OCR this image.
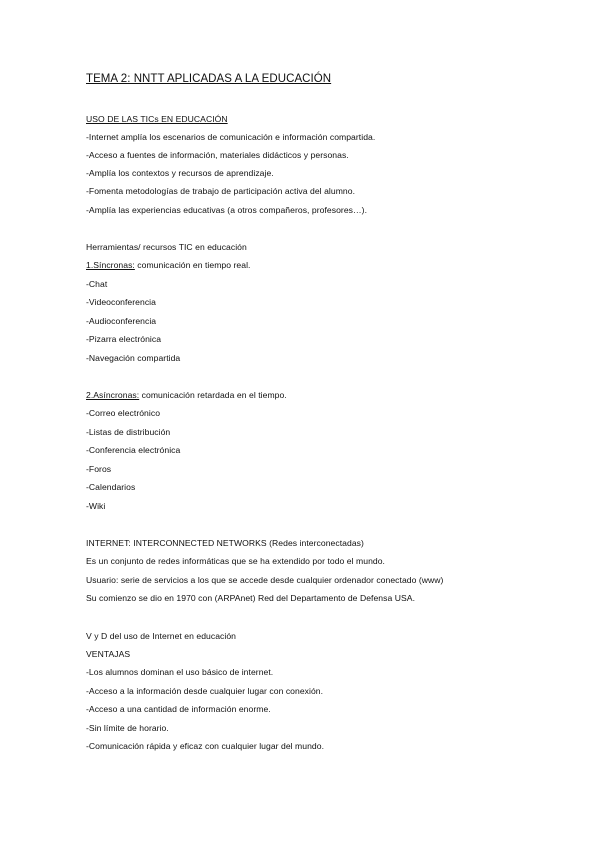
TEMA 2: NNTT APLICADAS A LA EDUCACIÓN
USO DE LAS TICs EN EDUCACIÓN
-Internet amplía los escenarios de comunicación e información compartida.
-Acceso a fuentes de información, materiales didácticos y personas.
-Amplía los contextos y recursos de aprendizaje.
-Fomenta metodologías de trabajo de participación activa del alumno.
-Amplía las experiencias educativas (a otros compañeros, profesores…).
Herramientas/ recursos TIC en educación
1.Síncronas: comunicación en tiempo real.
-Chat
-Videoconferencia
-Audioconferencia
-Pizarra electrónica
-Navegación compartida
2.Asíncronas: comunicación retardada en el tiempo.
-Correo electrónico
-Listas de distribución
-Conferencia electrónica
-Foros
-Calendarios
-Wiki
INTERNET: INTERCONNECTED NETWORKS (Redes interconectadas)
Es un conjunto de redes informáticas que se ha extendido por todo el mundo.
Usuario: serie de servicios a los que se accede desde cualquier ordenador conectado (www)
Su comienzo se dio en 1970 con (ARPAnet) Red del Departamento de Defensa USA.
V y D del uso de Internet en educación
VENTAJAS
-Los alumnos dominan el uso básico de internet.
-Acceso a la información desde cualquier lugar con conexión.
-Acceso a una cantidad de información enorme.
-Sin límite de horario.
-Comunicación rápida y eficaz con cualquier lugar del mundo.
